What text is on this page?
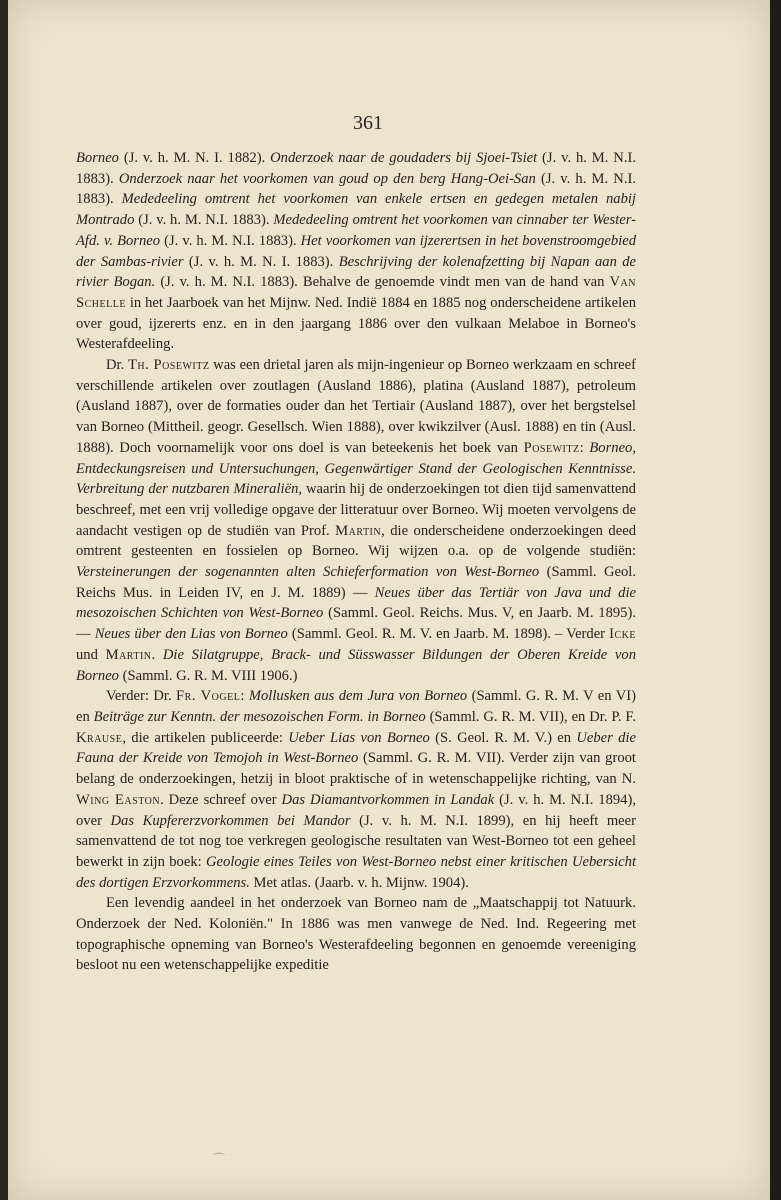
361

Borneo (J. v. h. M. N. I. 1882). Onderzoek naar de goudaders bij Sjoei-Tsiet (J. v. h. M. N.I. 1883). Onderzoek naar het voorkomen van goud op den berg Hang-Oei-San (J. v. h. M. N.I. 1883). Mededeeling omtrent het voorkomen van enkele ertsen en gedegen metalen nabij Montrado (J. v. h. M. N.I. 1883). Mededeeling omtrent het voorkomen van cinnaber ter Wester-Afd. v. Borneo (J. v. h. M. N.I. 1883). Het voorkomen van ijzerertsen in het bovenstroomgebied der Sambas-rivier (J. v. h. M. N. I. 1883). Beschrijving der kolenafzetting bij Napan aan de rivier Bogan. (J. v. h. M. N.I. 1883). Behalve de genoemde vindt men van de hand van Van Schelle in het Jaarboek van het Mijnw. Ned. Indië 1884 en 1885 nog onderscheidene artikelen over goud, ijzererts enz. en in den jaargang 1886 over den vulkaan Melaboe in Borneo's Westerafdeeling.

Dr. Th. Posewitz was een drietal jaren als mijn-ingenieur op Borneo werkzaam en schreef verschillende artikelen over zoutlagen (Ausland 1886), platina (Ausland 1887), petroleum (Ausland 1887), over de formaties ouder dan het Tertiair (Ausland 1887), over het bergstelsel van Borneo (Mittheil. geogr. Gesellsch. Wien 1888), over kwikzilver (Ausl. 1888) en tin (Ausl. 1888). Doch voornamelijk voor ons doel is van beteekenis het boek van Posewitz: Borneo, Entdeckungsreisen und Untersuchungen, Gegenwärtiger Stand der Geologischen Kenntnisse. Verbreitung der nutzbaren Mineraliën, waarin hij de onderzoekingen tot dien tijd samenvattend beschreef, met een vrij volledige opgave der litteratuur over Borneo. Wij moeten vervolgens de aandacht vestigen op de studiën van Prof. Martin, die onderscheidene onderzoekingen deed omtrent gesteenten en fossielen op Borneo. Wij wijzen o.a. op de volgende studiën: Versteinerungen der sogenannten alten Schieferformation von West-Borneo (Samml. Geol. Reichs Mus. in Leiden IV, en J. M. 1889) — Neues über das Tertiär von Java und die mesozoischen Schichten von West-Borneo (Samml. Geol. Reichs. Mus. V, en Jaarb. M. 1895). — Neues über den Lias von Borneo (Samml. Geol. R. M. V. en Jaarb. M. 1898). – Verder Icke und Martin. Die Silatgruppe, Brack- und Süsswasser Bildungen der Oberen Kreide von Borneo (Samml. G. R. M. VIII 1906.)

Verder: Dr. Fr. Vogel: Mollusken aus dem Jura von Borneo (Samml. G. R. M. V en VI) en Beiträge zur Kenntn. der mesozoischen Form. in Borneo (Samml. G. R. M. VII), en Dr. P. F. Krause, die artikelen publiceerde: Ueber Lias von Borneo (S. Geol. R. M. V.) en Ueber die Fauna der Kreide von Temojoh in West-Borneo (Samml. G. R. M. VII). Verder zijn van groot belang de onderzoekingen, hetzij in bloot praktische of in wetenschappelijke richting, van N. Wing Easton. Deze schreef over Das Diamantvorkommen in Landak (J. v. h. M. N.I. 1894), over Das Kupfererzvorkommen bei Mandor (J. v. h. M. N.I. 1899), en hij heeft meer samenvattend de tot nog toe verkregen geologische resultaten van West-Borneo tot een geheel bewerkt in zijn boek: Geologie eines Teiles von West-Borneo nebst einer kritischen Uebersicht des dortigen Erzvorkommens. Met atlas. (Jaarb. v. h. Mijnw. 1904).

Een levendig aandeel in het onderzoek van Borneo nam de „Maatschappij tot Natuurk. Onderzoek der Ned. Koloniën." In 1886 was men vanwege de Ned. Ind. Regeering met topographische opneming van Borneo's Westerafdeeling begonnen en genoemde vereeniging besloot nu een wetenschappelijke expeditie

⌒
